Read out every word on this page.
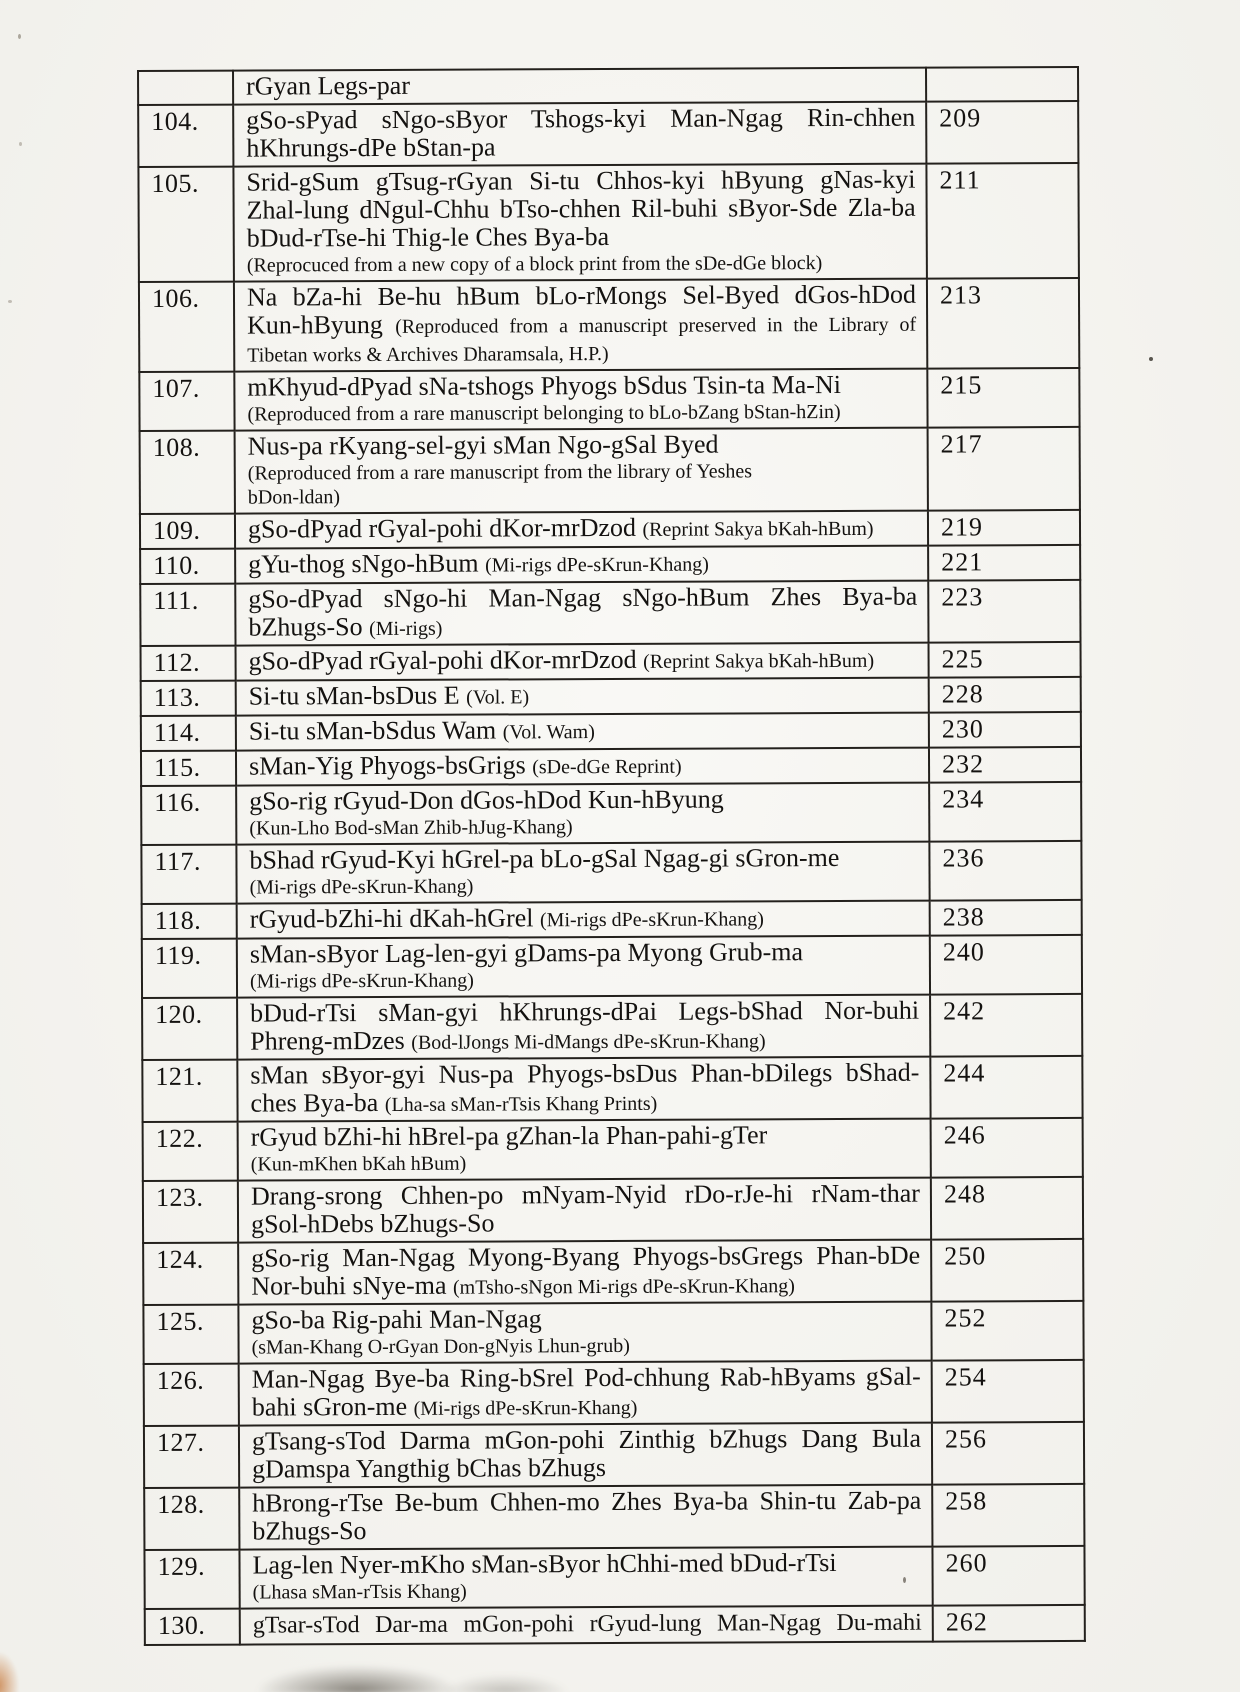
	rGyan Legs-par	
104.	gSo-sPyad sNgo-sByor Tshogs-kyi Man-Ngag Rin-chhen hKhrungs-dPe bStan-pa	209
105.	Srid-gSum gTsug-rGyan Si-tu Chhos-kyi hByung gNas-kyi Zhal-lung dNgul-Chhu bTso-chhen Ril-buhi sByor-Sde Zla-ba bDud-rTse-hi Thig-le Ches Bya-ba
(Reprocuced from a new copy of a block print from the sDe-dGe block)	211
106.	Na bZa-hi Be-hu hBum bLo-rMongs Sel-Byed dGos-hDod Kun-hByung (Reproduced from a manuscript preserved in the Library of Tibetan works & Archives Dharamsala, H.P.)	213
107.	mKhyud-dPyad sNa-tshogs Phyogs bSdus Tsin-ta Ma-Ni
(Reproduced from a rare manuscript belonging to bLo-bZang bStan-hZin)	215
108.	Nus-pa rKyang-sel-gyi sMan Ngo-gSal Byed
(Reproduced from a rare manuscript from the library of Yeshes
bDon-ldan)	217
109.	gSo-dPyad rGyal-pohi dKor-mrDzod (Reprint Sakya bKah-hBum)	219
110.	gYu-thog sNgo-hBum (Mi-rigs dPe-sKrun-Khang)	221
111.	gSo-dPyad sNgo-hi Man-Ngag sNgo-hBum Zhes Bya-ba bZhugs-So (Mi-rigs)	223
112.	gSo-dPyad rGyal-pohi dKor-mrDzod (Reprint Sakya bKah-hBum)	225
113.	Si-tu sMan-bsDus E (Vol. E)	228
114.	Si-tu sMan-bSdus Wam (Vol. Wam)	230
115.	sMan-Yig Phyogs-bsGrigs (sDe-dGe Reprint)	232
116.	gSo-rig rGyud-Don dGos-hDod Kun-hByung
(Kun-Lho Bod-sMan Zhib-hJug-Khang)	234
117.	bShad rGyud-Kyi hGrel-pa bLo-gSal Ngag-gi sGron-me
(Mi-rigs dPe-sKrun-Khang)	236
118.	rGyud-bZhi-hi dKah-hGrel (Mi-rigs dPe-sKrun-Khang)	238
119.	sMan-sByor Lag-len-gyi gDams-pa Myong Grub-ma
(Mi-rigs dPe-sKrun-Khang)	240
120.	bDud-rTsi sMan-gyi hKhrungs-dPai Legs-bShad Nor-buhi Phreng-mDzes (Bod-lJongs Mi-dMangs dPe-sKrun-Khang)	242
121.	sMan sByor-gyi Nus-pa Phyogs-bsDus Phan-bDilegs bShad-ches Bya-ba (Lha-sa sMan-rTsis Khang Prints)	244
122.	rGyud bZhi-hi hBrel-pa gZhan-la Phan-pahi-gTer
(Kun-mKhen bKah hBum)	246
123.	Drang-srong Chhen-po mNyam-Nyid rDo-rJe-hi rNam-thar gSol-hDebs bZhugs-So	248
124.	gSo-rig Man-Ngag Myong-Byang Phyogs-bsGregs Phan-bDe Nor-buhi sNye-ma (mTsho-sNgon Mi-rigs dPe-sKrun-Khang)	250
125.	gSo-ba Rig-pahi Man-Ngag
(sMan-Khang O-rGyan Don-gNyis Lhun-grub)	252
126.	Man-Ngag Bye-ba Ring-bSrel Pod-chhung Rab-hByams gSal-bahi sGron-me (Mi-rigs dPe-sKrun-Khang)	254
127.	gTsang-sTod Darma mGon-pohi Zinthig bZhugs Dang Bula gDamspa Yangthig bChas bZhugs	256
128.	hBrong-rTse Be-bum Chhen-mo Zhes Bya-ba Shin-tu Zab-pa bZhugs-So	258
129.	Lag-len Nyer-mKho sMan-sByor hChhi-med bDud-rTsi
(Lhasa sMan-rTsis Khang)	260
130.	gTsar-sTod Dar-ma mGon-pohi rGyud-lung Man-Ngag Du-mahi	262
